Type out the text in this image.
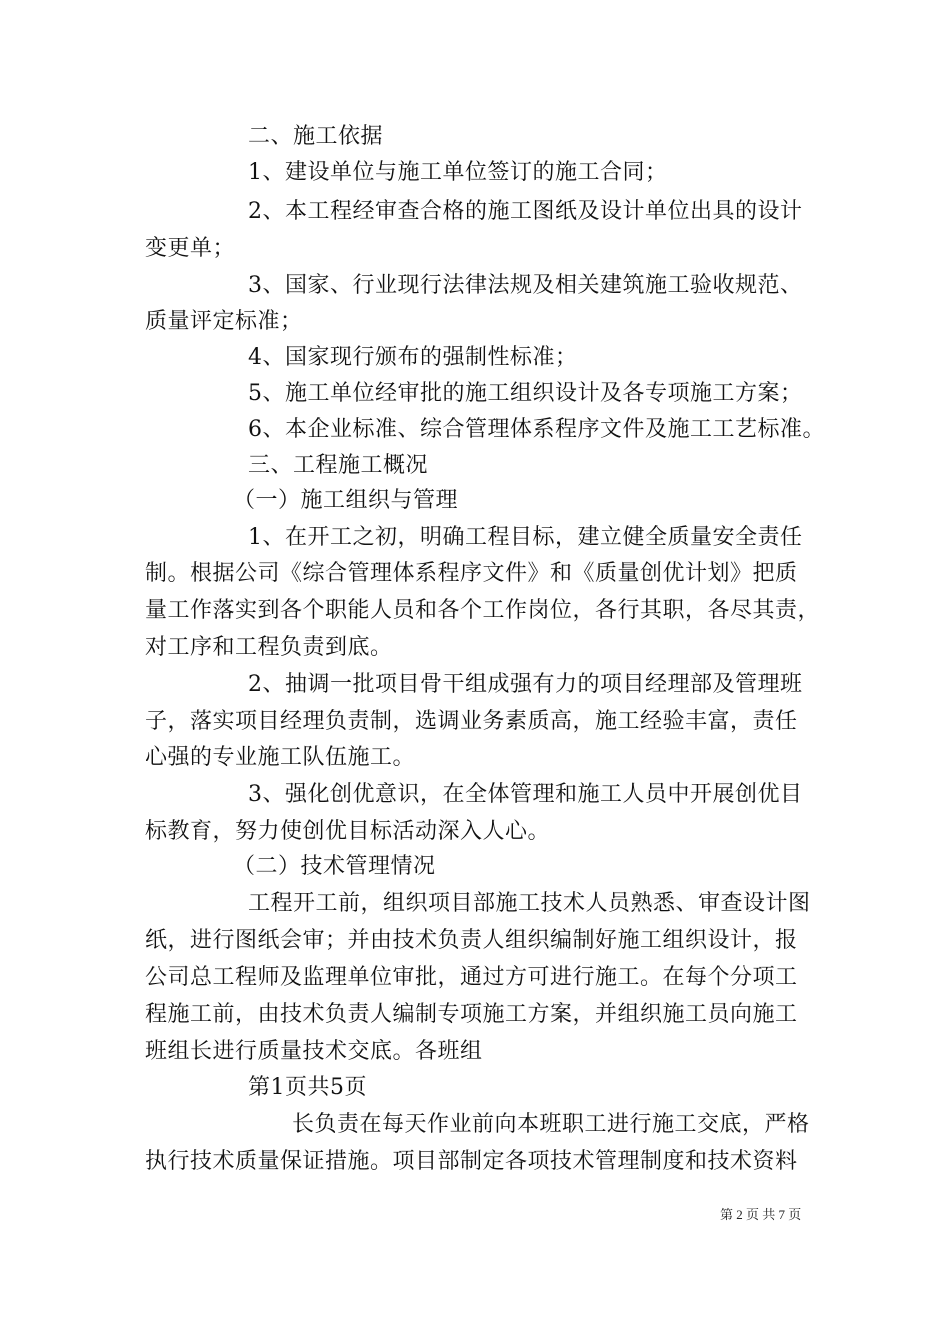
二、施工依据
1、建设单位与施工单位签订的施工合同；
2、本工程经审查合格的施工图纸及设计单位出具的设计
变更单；
3、国家、行业现行法律法规及相关建筑施工验收规范、
质量评定标准；
4、国家现行颁布的强制性标准；
5、施工单位经审批的施工组织设计及各专项施工方案；
6、本企业标准、综合管理体系程序文件及施工工艺标准。
三、工程施工概况
（一）施工组织与管理
1、在开工之初，明确工程目标，建立健全质量安全责任
制。根据公司《综合管理体系程序文件》和《质量创优计划》把质
量工作落实到各个职能人员和各个工作岗位，各行其职，各尽其责，
对工序和工程负责到底。
2、抽调一批项目骨干组成强有力的项目经理部及管理班
子，落实项目经理负责制，选调业务素质高，施工经验丰富，责任
心强的专业施工队伍施工。
3、强化创优意识，在全体管理和施工人员中开展创优目
标教育，努力使创优目标活动深入人心。
（二）技术管理情况
工程开工前，组织项目部施工技术人员熟悉、审查设计图
纸，进行图纸会审；并由技术负责人组织编制好施工组织设计，报
公司总工程师及监理单位审批，通过方可进行施工。在每个分项工
程施工前，由技术负责人编制专项施工方案，并组织施工员向施工
班组长进行质量技术交底。各班组
第1页共5页
长负责在每天作业前向本班职工进行施工交底，严格
执行技术质量保证措施。项目部制定各项技术管理制度和技术资料
第 2 页 共 7 页
